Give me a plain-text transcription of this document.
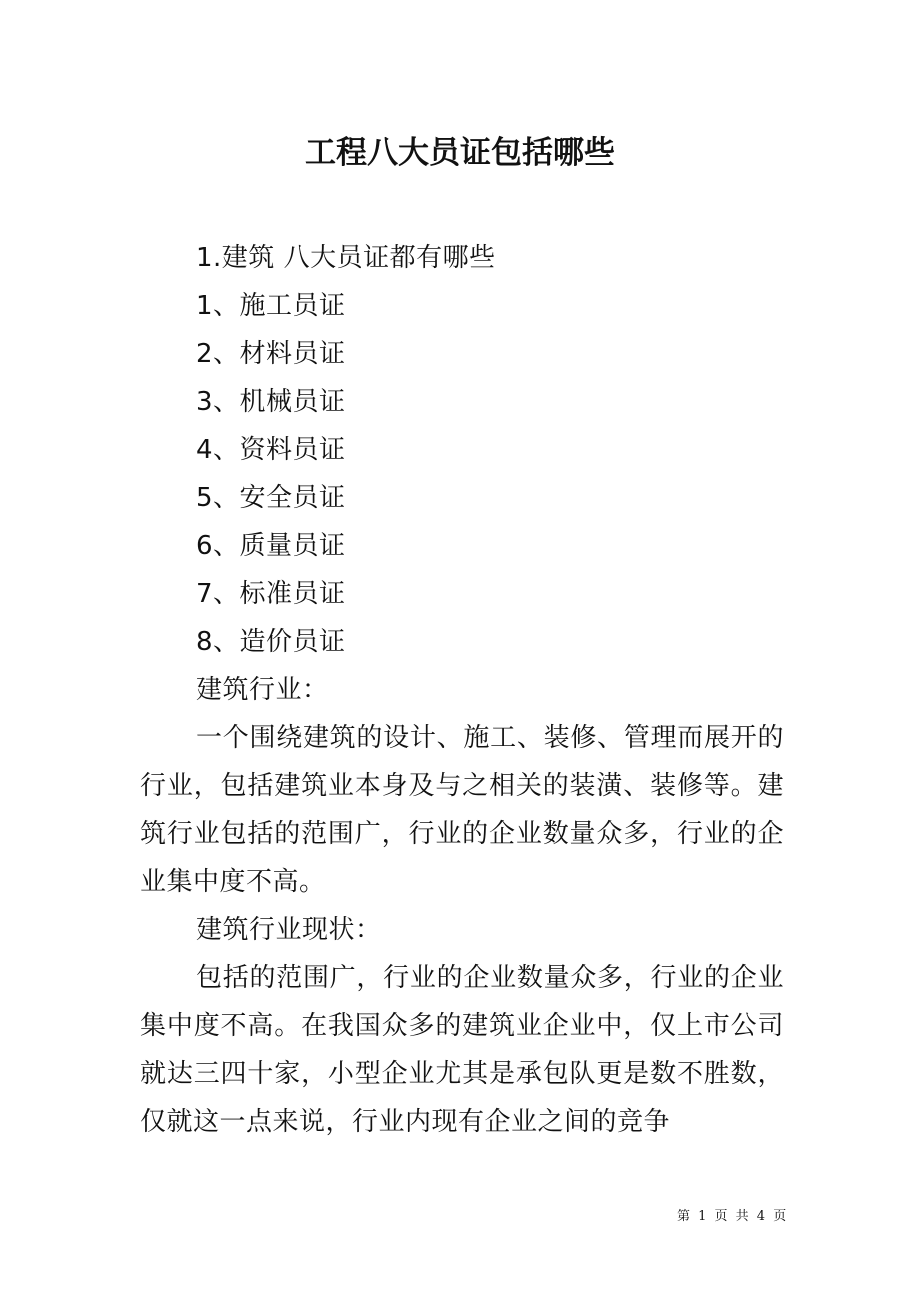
工程八大员证包括哪些

1.建筑 八大员证都有哪些

1、施工员证

2、材料员证

3、机械员证

4、资料员证

5、安全员证

6、质量员证

7、标准员证

8、造价员证

建筑行业：

一个围绕建筑的设计、施工、装修、管理而展开的行业，包括建筑业本身及与之相关的装潢、装修等。建筑行业包括的范围广，行业的企业数量众多，行业的企业集中度不高。

建筑行业现状：

包括的范围广，行业的企业数量众多，行业的企业集中度不高。在我国众多的建筑业企业中，仅上市公司就达三四十家，小型企业尤其是承包队更是数不胜数，仅就这一点来说，行业内现有企业之间的竞争

第 1 页 共 4 页
